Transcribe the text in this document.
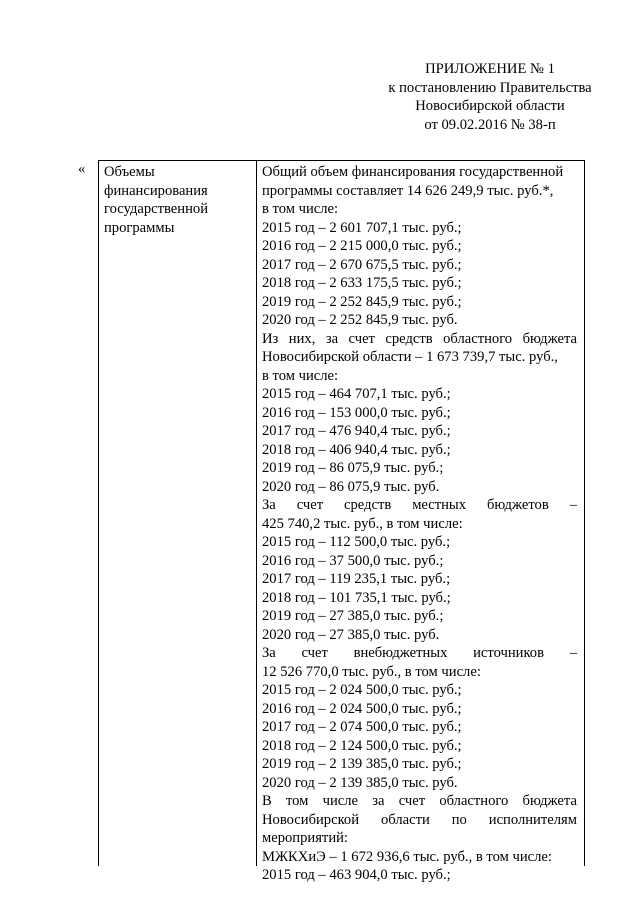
ПРИЛОЖЕНИЕ № 1
к постановлению Правительства
Новосибирской области
от 09.02.2016 № 38-п
« Объемы
финансирования
государственной
программы
Общий объем финансирования государственной
программы составляет 14 626 249,9 тыс. руб.*,
в том числе:
2015 год – 2 601 707,1 тыс. руб.;
2016 год – 2 215 000,0 тыс. руб.;
2017 год – 2 670 675,5 тыс. руб.;
2018 год – 2 633 175,5 тыс. руб.;
2019 год – 2 252 845,9 тыс. руб.;
2020 год – 2 252 845,9 тыс. руб.
Из них, за счет средств областного бюджета
Новосибирской области – 1 673 739,7 тыс. руб.,
в том числе:
2015 год – 464 707,1 тыс. руб.;
2016 год – 153 000,0 тыс. руб.;
2017 год – 476 940,4 тыс. руб.;
2018 год – 406 940,4 тыс. руб.;
2019 год – 86 075,9 тыс. руб.;
2020 год – 86 075,9 тыс. руб.
За счет средств местных бюджетов –
425 740,2 тыс. руб., в том числе:
2015 год – 112 500,0 тыс. руб.;
2016 год – 37 500,0 тыс. руб.;
2017 год – 119 235,1 тыс. руб.;
2018 год – 101 735,1 тыс. руб.;
2019 год – 27 385,0 тыс. руб.;
2020 год – 27 385,0 тыс. руб.
За счет внебюджетных источников –
12 526 770,0 тыс. руб., в том числе:
2015 год – 2 024 500,0 тыс. руб.;
2016 год – 2 024 500,0 тыс. руб.;
2017 год – 2 074 500,0 тыс. руб.;
2018 год – 2 124 500,0 тыс. руб.;
2019 год – 2 139 385,0 тыс. руб.;
2020 год – 2 139 385,0 тыс. руб.
В том числе за счет областного бюджета
Новосибирской области по исполнителям
мероприятий:
МЖКХиЭ – 1 672 936,6 тыс. руб., в том числе:
2015 год – 463 904,0 тыс. руб.;
